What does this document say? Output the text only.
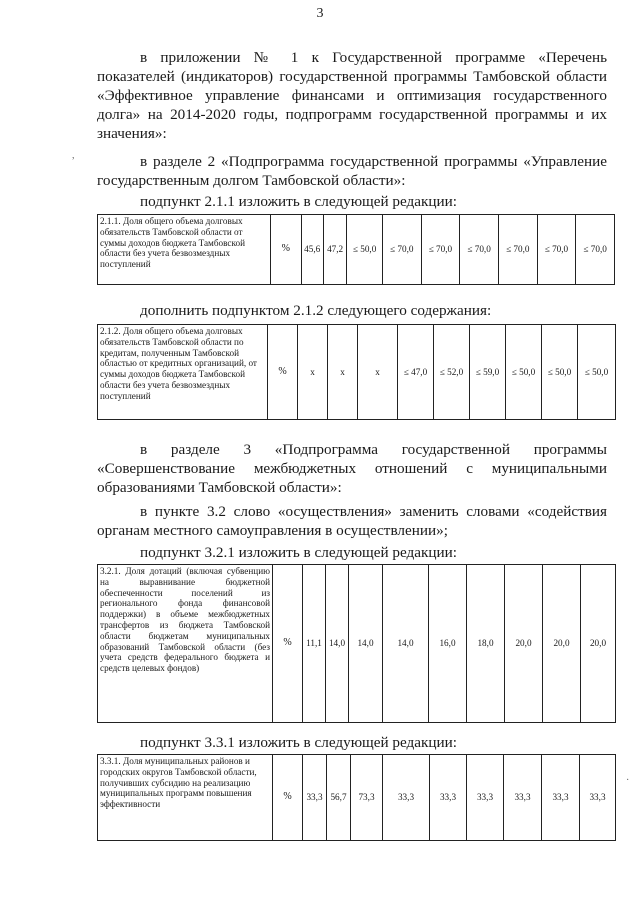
3
в приложении № 1 к Государственной программе «Перечень
показателей (индикаторов) государственной программы Тамбовской области
«Эффективное управление финансами и оптимизация государственного
долга» на 2014-2020 годы, подпрограмм государственной программы и их
значения»:
в разделе 2 «Подпрограмма государственной программы «Управление
государственным долгом Тамбовской области»:
подпункт 2.1.1 изложить в следующей редакции:
2.1.1. Доля общего объема долговых обязательств Тамбовской области от суммы доходов бюджета Тамбовской области без учета безвозмездных поступлений	%	45,6	47,2	≤ 50,0	≤ 70,0	≤ 70,0	≤ 70,0	≤ 70,0	≤ 70,0	≤ 70,0
дополнить подпунктом 2.1.2 следующего содержания:
2.1.2. Доля общего объема долговых обязательств Тамбовской области по кредитам, полученным Тамбовской областью от кредитных организаций, от суммы доходов бюджета Тамбовской области без учета безвозмездных поступлений	%	х	х	х	≤ 47,0	≤ 52,0	≤ 59,0	≤ 50,0	≤ 50,0	≤ 50,0
в разделе 3 «Подпрограмма государственной программы
«Совершенствование межбюджетных отношений с муниципальными
образованиями Тамбовской области»:
в пункте 3.2 слово «осуществления» заменить словами «содействия
органам местного самоуправления в осуществлении»;
подпункт 3.2.1 изложить в следующей редакции:
3.2.1. Доля дотаций (включая субвенцию на выравнивание бюджетной обеспеченности поселений из регионального фонда финансовой поддержки) в объеме межбюджетных трансфертов из бюджета Тамбовской области бюджетам муниципальных образований Тамбовской области (без учета средств федерального бюджета и средств целевых фондов)	%	11,1	14,0	14,0	14,0	16,0	18,0	20,0	20,0	20,0
подпункт 3.3.1 изложить в следующей редакции:
3.3.1. Доля муниципальных районов и городских округов Тамбовской области, получивших субсидию на реализацию муниципальных программ повышения эффективности	%	33,3	56,7	73,3	33,3	33,3	33,3	33,3	33,3	33,3
,
·
